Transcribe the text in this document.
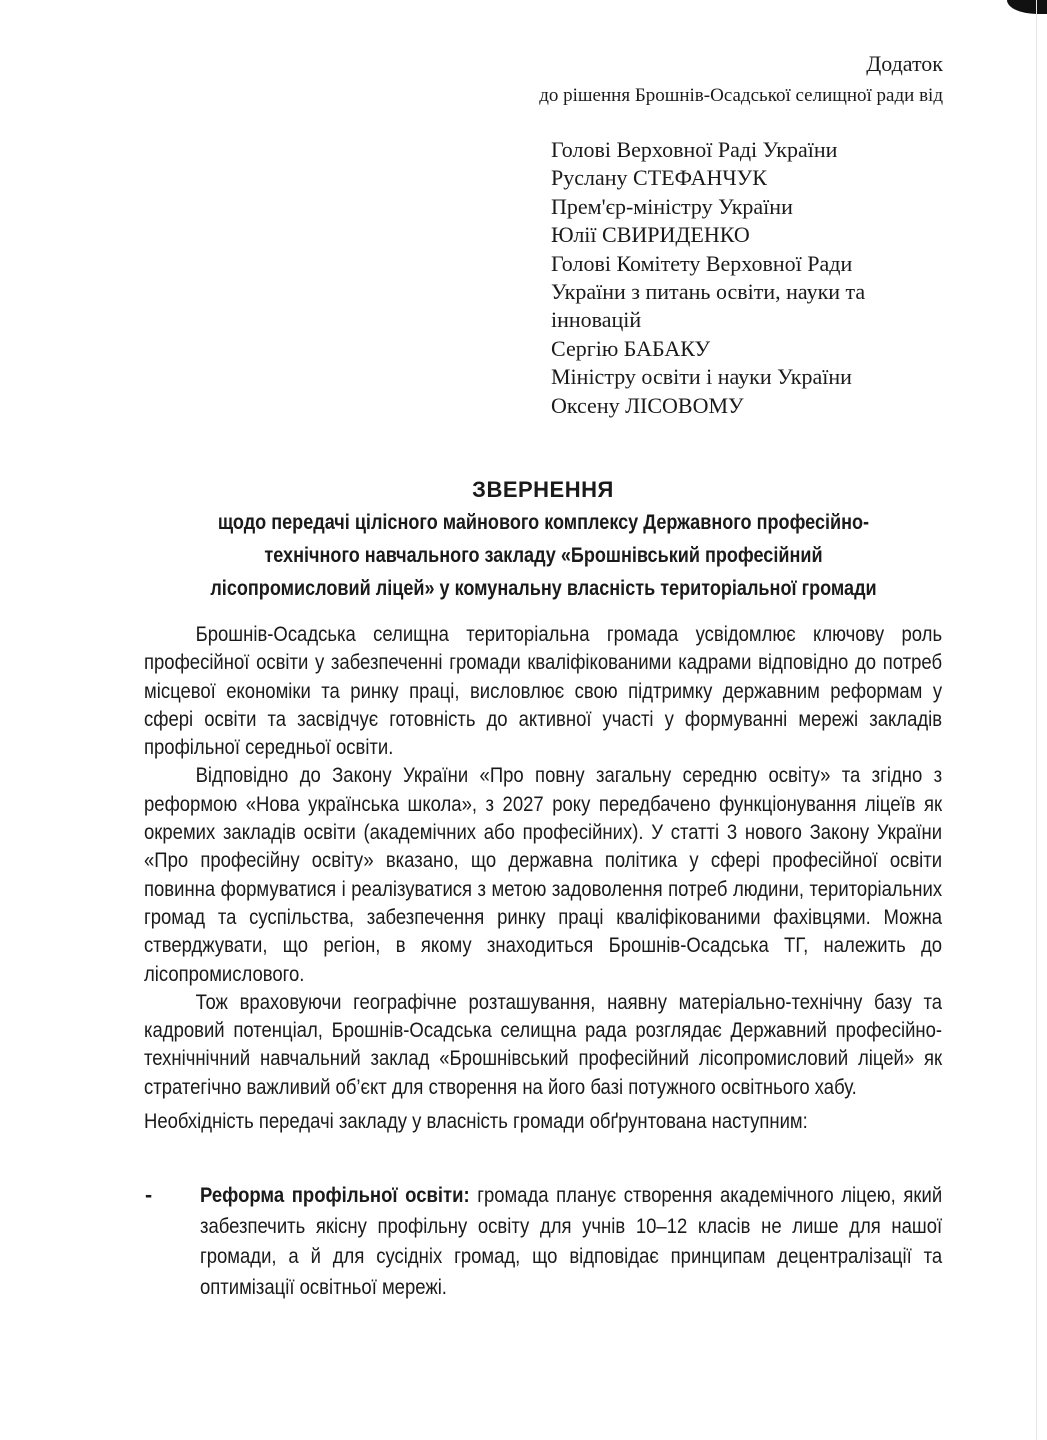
Додаток
до рішення Брошнів-Осадської селищної ради від
Голові Верховної Раді України
Руслану СТЕФАНЧУК
Прем'єр-міністру України
Юлії СВИРИДЕНКО
Голові Комітету Верховної Ради
України з питань освіти, науки та
інновацій
Сергію БАБАКУ
Міністру освіти і науки України
Оксену ЛІСОВОМУ
ЗВЕРНЕННЯ
щодо передачі цілісного майнового комплексу Державного професійно-
технічного навчального закладу «Брошнівський професійний
лісопромисловий ліцей» у комунальну власність територіальної громади

Брошнів-Осадська селищна територіальна громада усвідомлює ключову роль професійної освіти у забезпеченні громади кваліфікованими кадрами відповідно до потреб місцевої економіки та ринку праці, висловлює свою підтримку державним реформам у сфері освіти та засвідчує готовність до активної участі у формуванні мережі закладів профільної середньої освіти.

Відповідно до Закону України «Про повну загальну середню освіту» та згідно з реформою «Нова українська школа», з 2027 року передбачено функціонування ліцеїв як окремих закладів освіти (академічних або професійних). У статті 3 нового Закону України «Про професійну освіту» вказано, що державна політика у сфері професійної освіти повинна формуватися і реалізуватися з метою задоволення потреб людини, територіальних громад та суспільства, забезпечення ринку праці кваліфікованими фахівцями. Можна стверджувати, що регіон, в якому знаходиться Брошнів-Осадська ТГ, належить до лісопромислового.

Тож враховуючи географічне розташування, наявну матеріально-технічну базу та кадровий потенціал, Брошнів-Осадська селищна рада розглядає Державний професійно-технічнічний навчальний заклад «Брошнівський професійний лісопромисловий ліцей» як стратегічно важливий об’єкт для створення на його базі потужного освітнього хабу.

Необхідність передачі закладу у власність громади обґрунтована наступним:

- Реформа профільної освіти: громада планує створення академічного ліцею, який забезпечить якісну профільну освіту для учнів 10–12 класів не лише для нашої громади, а й для сусідніх громад, що відповідає принципам децентралізації та оптимізації освітньої мережі.
